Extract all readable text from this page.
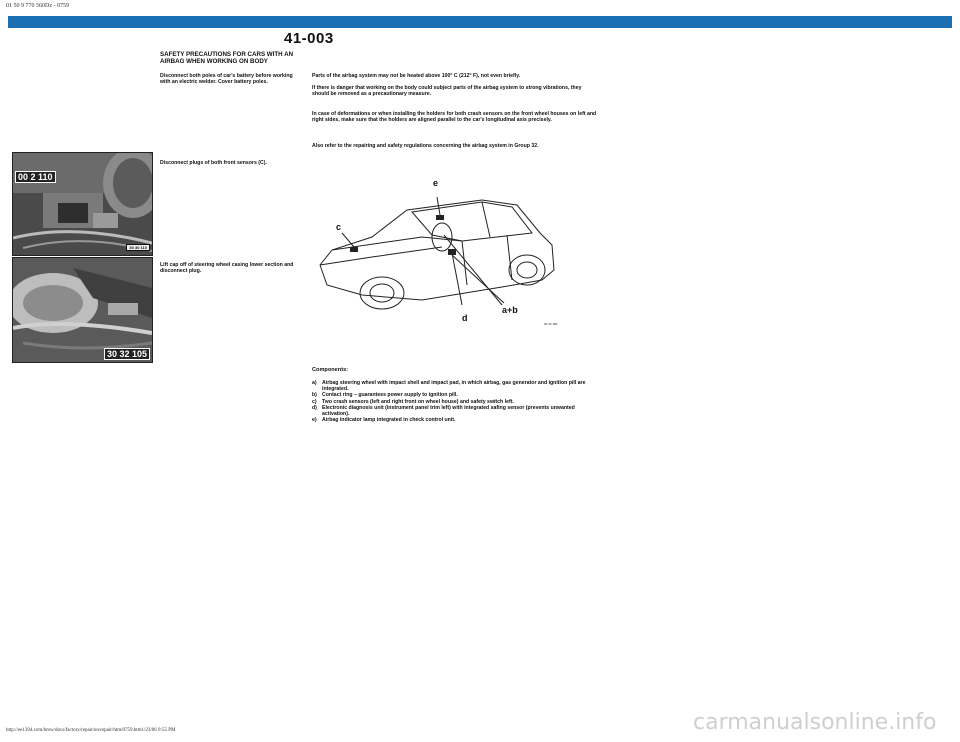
01 50 9 770 560Dz - 0759
41-003
SAFETY PRECAUTIONS FOR CARS WITH AN AIRBAG WHEN WORKING ON BODY
Disconnect both poles of car's battery before working with an electric welder. Cover battery poles.
Disconnect plugs of both front sensors (C).
Lift cap off of steering wheel casing lower section and disconnect plug.
Parts of the airbag system may not be heated above 100° C (212° F), not even briefly.
If there is danger that working on the body could subject parts of the airbag system to strong vibrations, they should be removed as a precautionary measure.
In case of deformations or when installing the holders for both crash sensors on the front wheel houses on left and right sides, make sure that the holders are aligned parallel to the car's longitudinal axis precisely.
Also refer to the repairing and safety regulations concerning the airbag system in Group 32.
00 2 110
30 30 110
30 32 105
e
c
d
a+b
30 32 100
Components:
a)	Airbag steering wheel with impact shell and impact pad, in which airbag, gas generator and ignition pill are integrated.
b) Contact ring – guarantees power supply to ignition pill.
c)	Two crash sensors (left and right front on wheel house) and safety switch left.
d) Electronic diagnosis unit (instrument panel trim left) with integrated safing sensor (prevents unwanted activation).
e)	Airbag indicator lamp integrated in check control unit.
http://ee1394.com/bmw/docs/factory/repair/en/repair/htm/0759.htm1/23/06 9:55 PM	carmanualsonline.info
